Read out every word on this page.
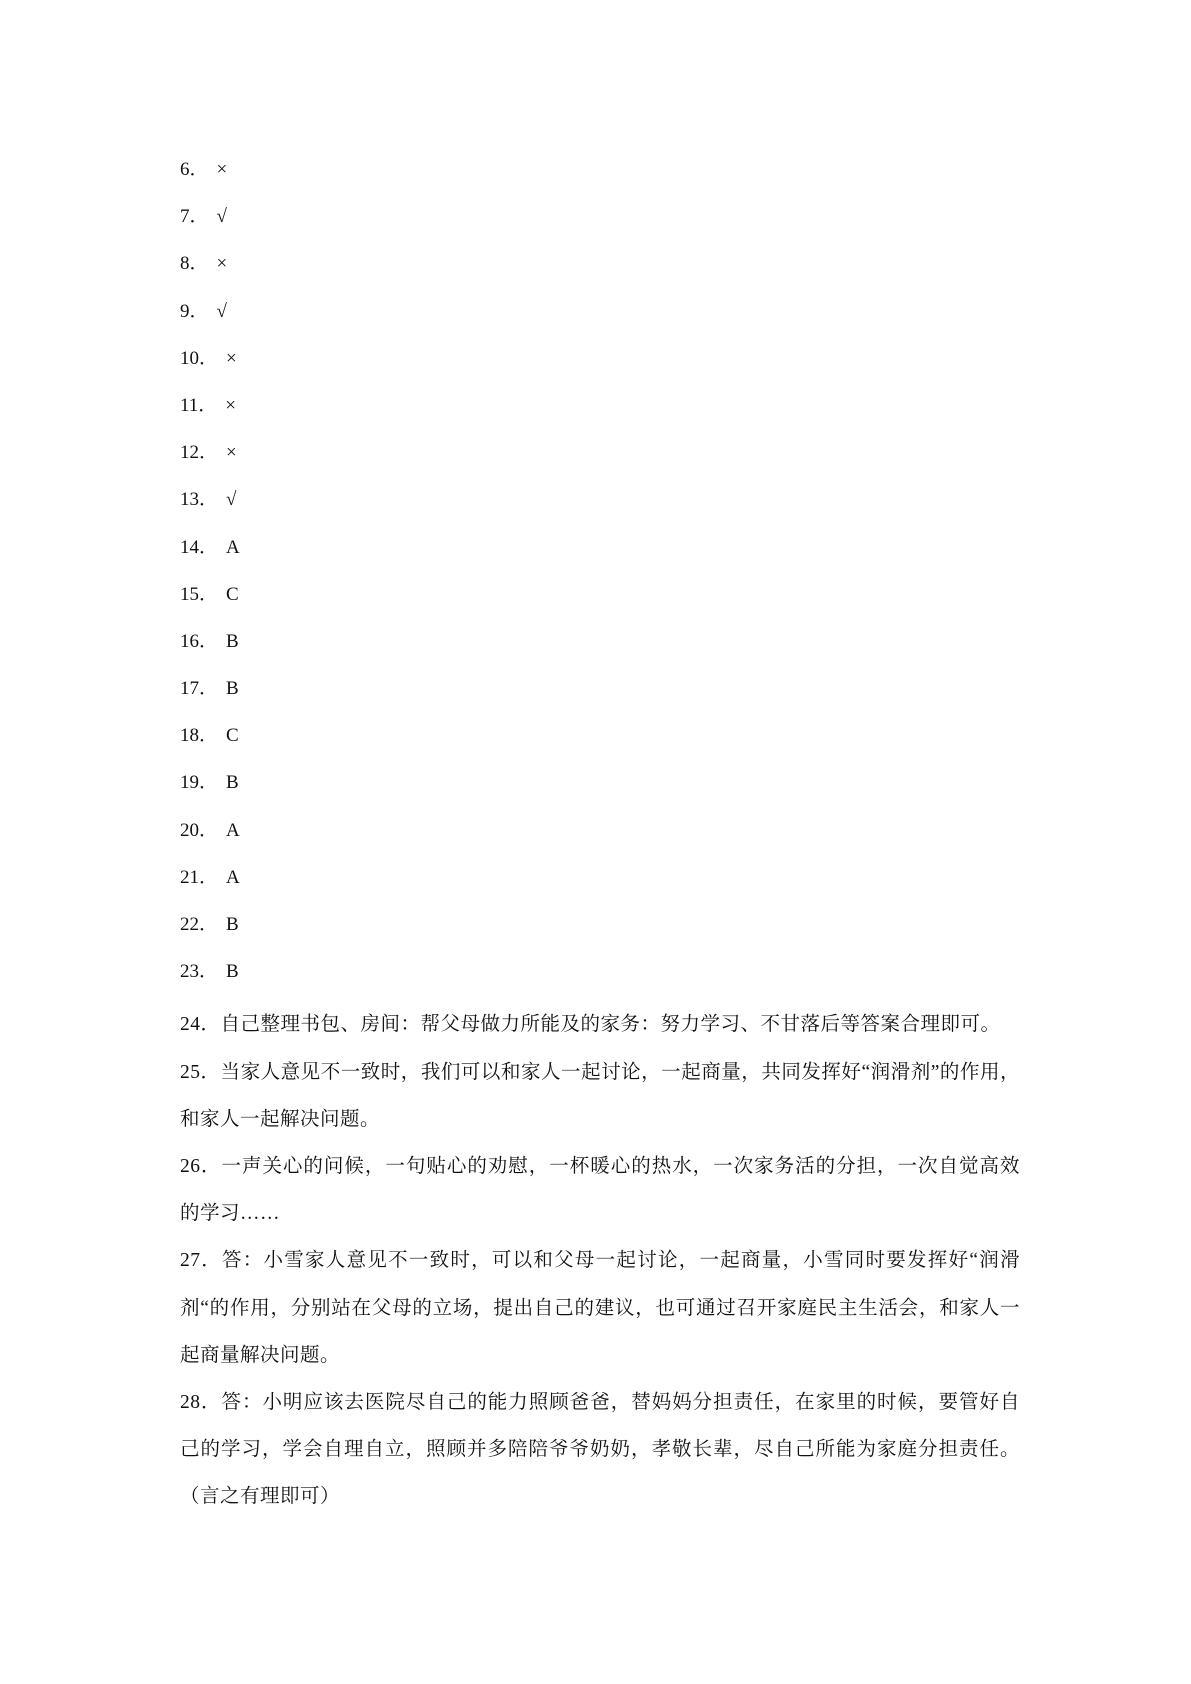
6． ×
7． √
8． ×
9． √
10． ×
11． ×
12． ×
13． √
14． A
15． C
16． B
17． B
18． C
19． B
20． A
21． A
22． B
23． B
24．自己整理书包、房间：帮父母做力所能及的家务：努力学习、不甘落后等答案合理即可。
25．当家人意见不一致时，我们可以和家人一起讨论，一起商量，共同发挥好“润滑剂”的作用，和家人一起解决问题。
26．一声关心的问候，一句贴心的劝慰，一杯暖心的热水，一次家务活的分担，一次自觉高效的学习……
27．答：小雪家人意见不一致时，可以和父母一起讨论，一起商量，小雪同时要发挥好“润滑剂“的作用，分别站在父母的立场，提出自己的建议，也可通过召开家庭民主生活会，和家人一起商量解决问题。
28．答：小明应该去医院尽自己的能力照顾爸爸，替妈妈分担责任，在家里的时候，要管好自己的学习，学会自理自立，照顾并多陪陪爷爷奶奶，孝敬长辈，尽自己所能为家庭分担责任。（言之有理即可）
